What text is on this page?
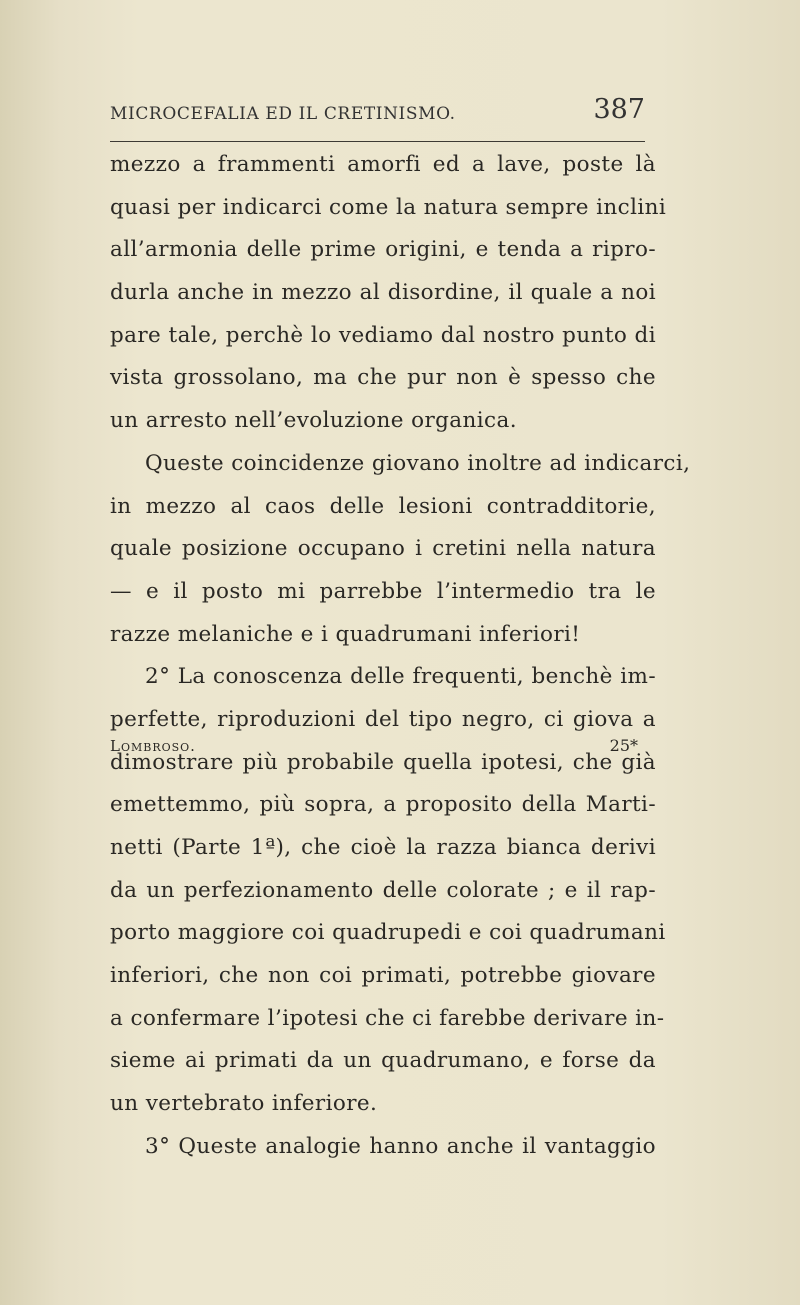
MICROCEFALIA ED IL CRETINISMO.	387
mezzo a frammenti amorfi ed a lave, poste là
quasi per indicarci come la natura sempre inclini
all’armonia delle prime origini, e tenda a ripro-
durla anche in mezzo al disordine, il quale a noi
pare tale, perchè lo vediamo dal nostro punto di
vista grossolano, ma che pur non è spesso che
un arresto nell’evoluzione organica.
Queste coincidenze giovano inoltre ad indicarci,
in mezzo al caos delle lesioni contradditorie,
quale posizione occupano i cretini nella natura
— e il posto mi parrebbe l’intermedio tra le
razze melaniche e i quadrumani inferiori!
2° La conoscenza delle frequenti, benchè im-
perfette, riproduzioni del tipo negro, ci giova a
dimostrare più probabile quella ipotesi, che già
emettemmo, più sopra, a proposito della Marti-
netti (Parte 1ª), che cioè la razza bianca derivi
da un perfezionamento delle colorate ; e il rap-
porto maggiore coi quadrupedi e coi quadrumani
inferiori, che non coi primati, potrebbe giovare
a confermare l’ipotesi che ci farebbe derivare in-
sieme ai primati da un quadrumano, e forse da
un vertebrato inferiore.
3° Queste analogie hanno anche il vantaggio
Lombroso.	25*
